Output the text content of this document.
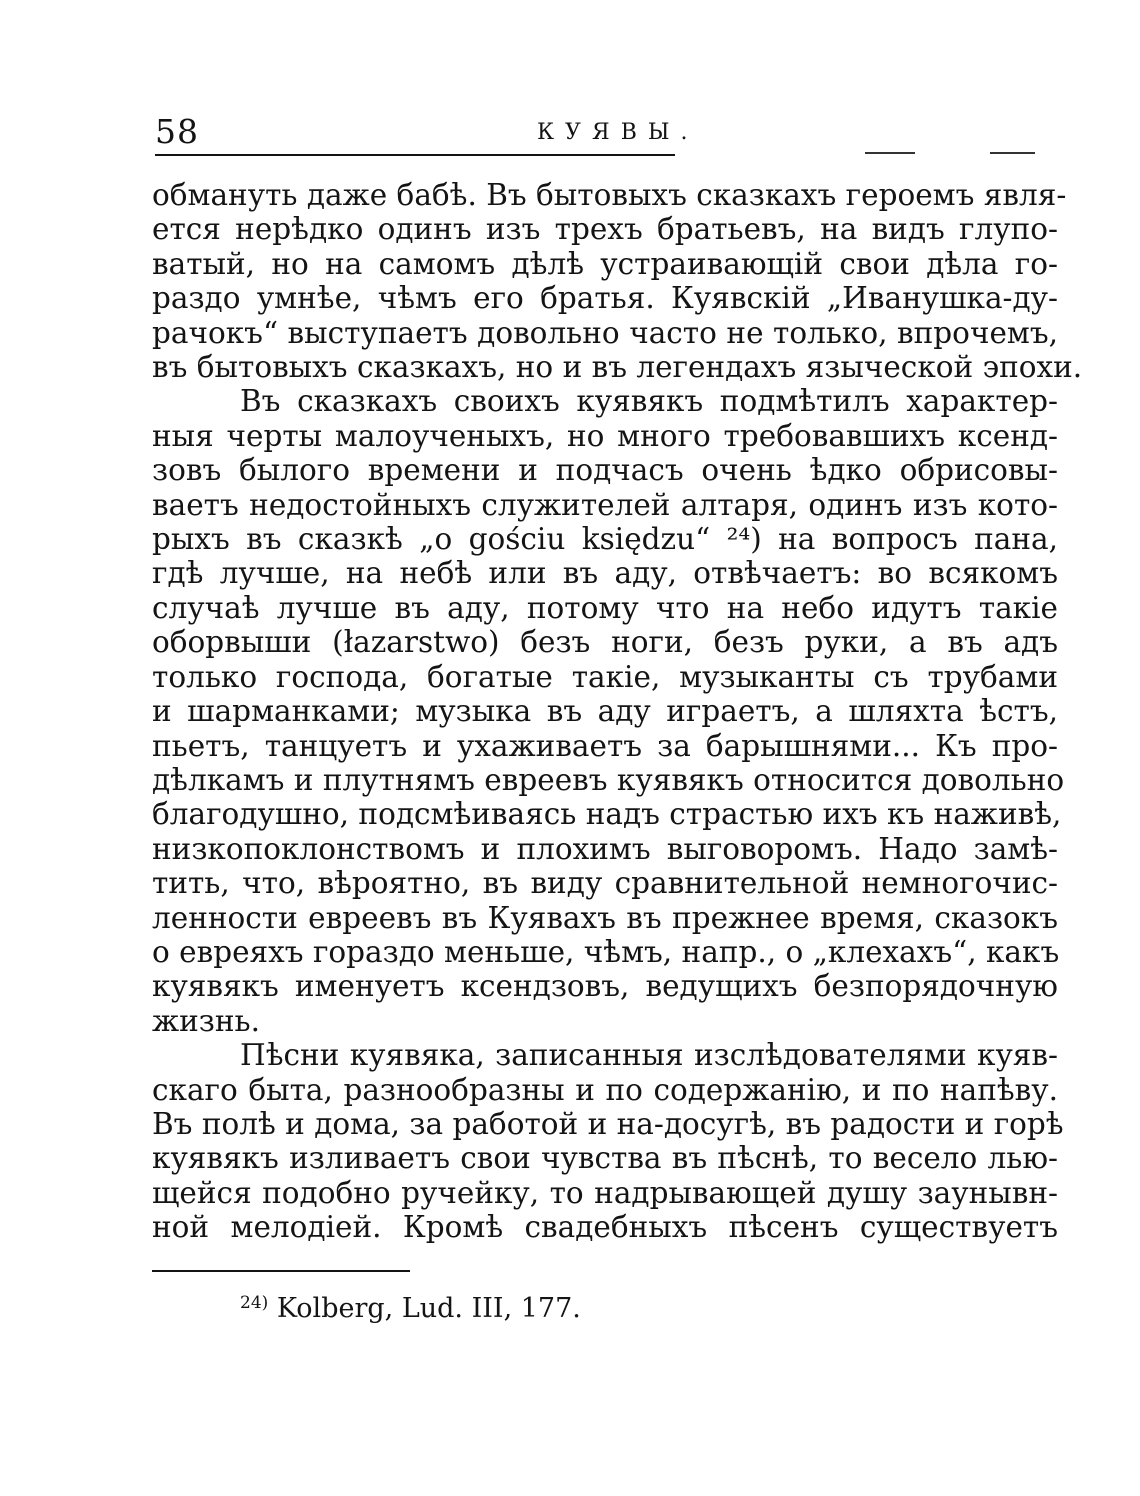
58	КУЯВЫ.
обмануть даже бабѣ. Въ бытовыхъ сказкахъ героемъ явля-
ется нерѣдко одинъ изъ трехъ братьевъ, на видъ глупо-
ватый, но на самомъ дѣлѣ устраивающій свои дѣла го-
раздо умнѣе, чѣмъ его братья. Куявскій „Иванушка-ду-
рачокъ“ выступаетъ довольно часто не только, впрочемъ,
въ бытовыхъ сказкахъ, но и въ легендахъ языческой эпохи.
Въ сказкахъ своихъ куявякъ подмѣтилъ характер-
ныя черты малоученыхъ, но много требовавшихъ ксенд-
зовъ былого времени и подчасъ очень ѣдко обрисовы-
ваетъ недостойныхъ служителей алтаря, одинъ изъ кото-
рыхъ въ сказкѣ „o gościu księdzu“ ²⁴) на вопросъ пана,
гдѣ лучше, на небѣ или въ аду, отвѣчаетъ: во всякомъ
случаѣ лучше въ аду, потому что на небо идутъ такіе
оборвыши (łazarstwo) безъ ноги, безъ руки, а въ адъ
только господа, богатые такіе, музыканты съ трубами
и шарманками; музыка въ аду играетъ, а шляхта ѣстъ,
пьетъ, танцуетъ и ухаживаетъ за барышнями... Къ про-
дѣлкамъ и плутнямъ евреевъ куявякъ относится довольно
благодушно, подсмѣиваясь надъ страстью ихъ къ наживѣ,
низкопоклонствомъ и плохимъ выговоромъ. Надо замѣ-
тить, что, вѣроятно, въ виду сравнительной немногочис-
ленности евреевъ въ Куявахъ въ прежнее время, сказокъ
о евреяхъ гораздо меньше, чѣмъ, напр., о „клехахъ“, какъ
куявякъ именуетъ ксендзовъ, ведущихъ безпорядочную
жизнь.
Пѣсни куявяка, записанныя изслѣдователями куяв-
скаго быта, разнообразны и по содержанію, и по напѣву.
Въ полѣ и дома, за работой и на-досугѣ, въ радости и горѣ
куявякъ изливаетъ свои чувства въ пѣснѣ, то весело лью-
щейся подобно ручейку, то надрывающей душу заунывн-
ной мелодіей. Кромѣ свадебныхъ пѣсенъ существуетъ
$^{24)}$ Kolberg, Lud. III, 177.
